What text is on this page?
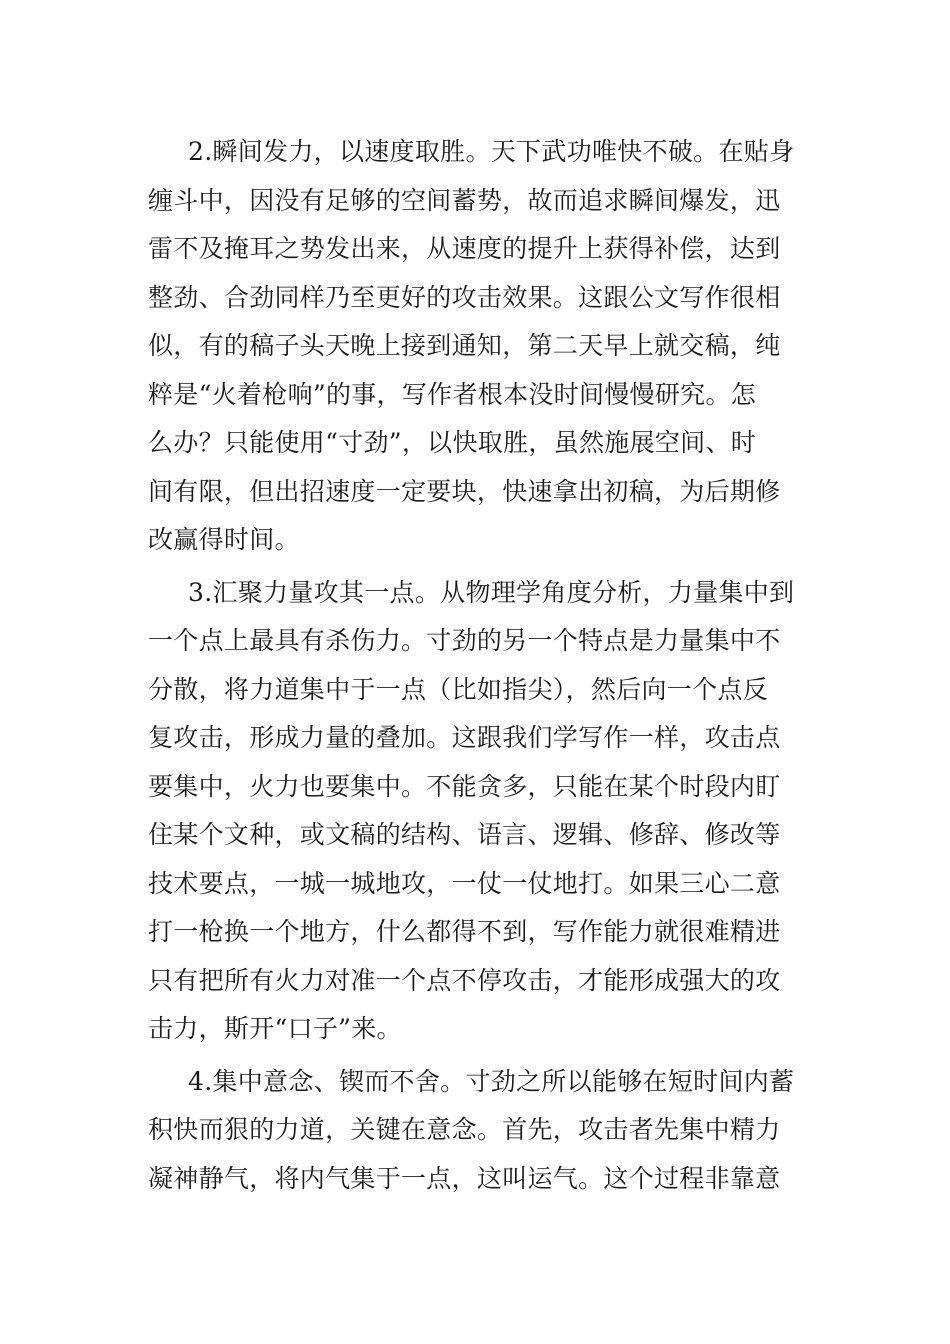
2.瞬间发力，以速度取胜。天下武功唯快不破。在贴身
缠斗中，因没有足够的空间蓄势，故而追求瞬间爆发，迅
雷不及掩耳之势发出来，从速度的提升上获得补偿，达到
整劲、合劲同样乃至更好的攻击效果。这跟公文写作很相
似，有的稿子头天晚上接到通知，第二天早上就交稿，纯
粹是“火着枪响”的事，写作者根本没时间慢慢研究。怎
么办？只能使用“寸劲”，以快取胜，虽然施展空间、时
间有限，但出招速度一定要块，快速拿出初稿，为后期修
改赢得时间。
3.汇聚力量攻其一点。从物理学角度分析，力量集中到
一个点上最具有杀伤力。寸劲的另一个特点是力量集中不
分散，将力道集中于一点（比如指尖），然后向一个点反
复攻击，形成力量的叠加。这跟我们学写作一样，攻击点
要集中，火力也要集中。不能贪多，只能在某个时段内盯
住某个文种，或文稿的结构、语言、逻辑、修辞、修改等
技术要点，一城一城地攻，一仗一仗地打。如果三心二意
打一枪换一个地方，什么都得不到，写作能力就很难精进
只有把所有火力对准一个点不停攻击，才能形成强大的攻
击力，斯开“口子”来。
4.集中意念、锲而不舍。寸劲之所以能够在短时间内蓄
积快而狠的力道，关键在意念。首先，攻击者先集中精力
凝神静气，将内气集于一点，这叫运气。这个过程非靠意
